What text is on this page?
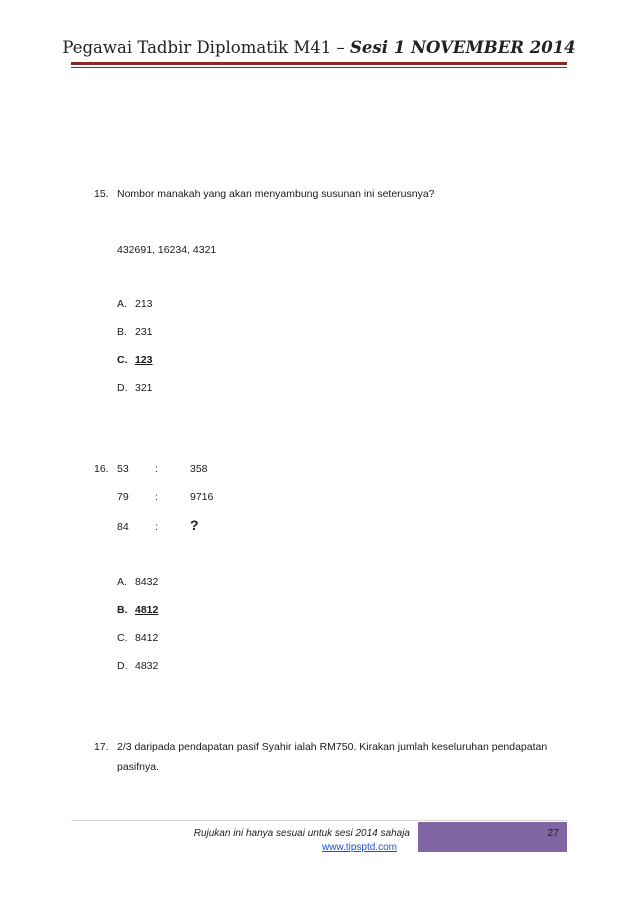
Pegawai Tadbir Diplomatik M41 – Sesi 1 NOVEMBER 2014
15. Nombor manakah yang akan menyambung susunan ini seterusnya?
432691, 16234, 4321
A. 213
B. 231
C. 123
D. 321
16. 53	:	358
79	:	9716
84	: ?
A. 8432
B. 4812
C. 8412
D. 4832
17. 2/3 daripada pendapatan pasif Syahir ialah RM750. Kirakan jumlah keseluruhan pendapatan
pasifnya.
Rujukan ini hanya sesuai untuk sesi 2014 sahaja
www.tipsptd.com
27
